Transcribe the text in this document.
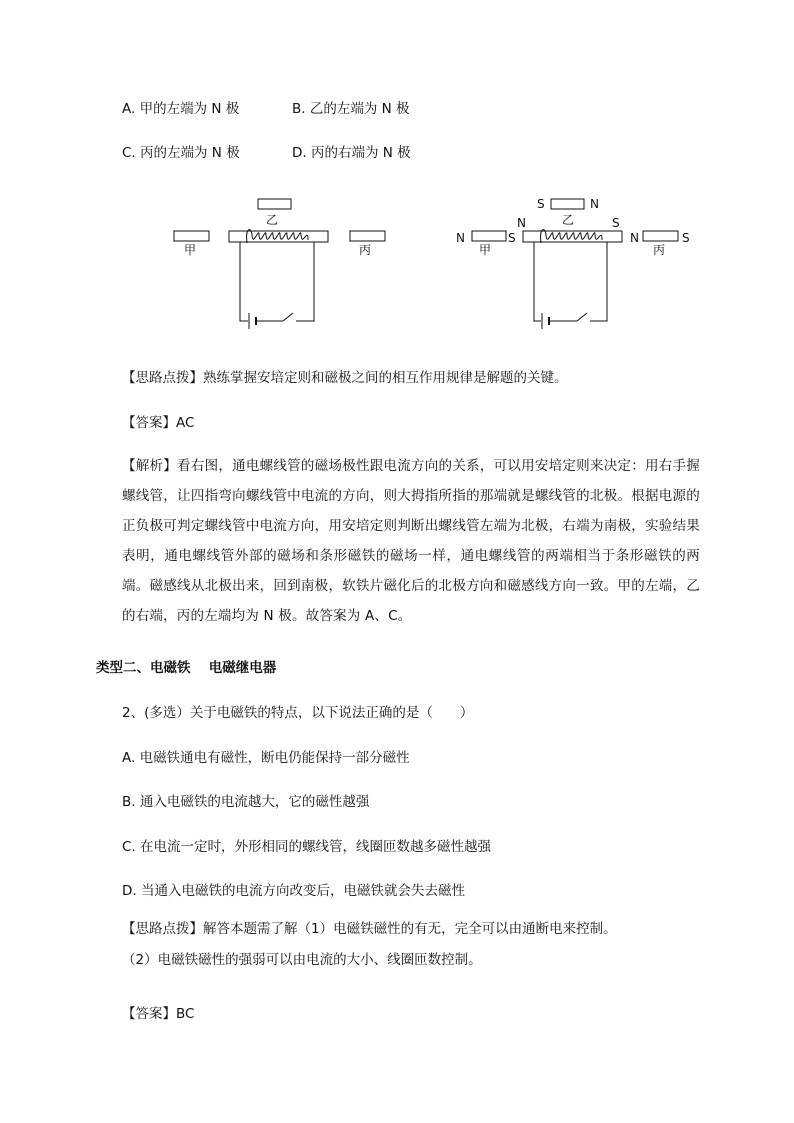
A. 甲的左端为 N 极	B. 乙的左端为 N 极
C. 丙的左端为 N 极	D. 丙的右端为 N 极
乙
甲	丙
乙
甲	丙
S	N
N	S
N	S	N	S
【思路点拨】熟练掌握安培定则和磁极之间的相互作用规律是解题的关键。
【答案】AC
【解析】看右图，通电螺线管的磁场极性跟电流方向的关系，可以用安培定则来决定：用右手握螺线管，让四指弯向螺线管中电流的方向，则大拇指所指的那端就是螺线管的北极。根据电源的正负极可判定螺线管中电流方向，用安培定则判断出螺线管左端为北极，右端为南极，实验结果表明，通电螺线管外部的磁场和条形磁铁的磁场一样，通电螺线管的两端相当于条形磁铁的两端。磁感线从北极出来，回到南极，软铁片磁化后的北极方向和磁感线方向一致。甲的左端，乙的右端，丙的左端均为 N 极。故答案为 A、C。
类型二、电磁铁　 电磁继电器
2、(多选）关于电磁铁的特点，以下说法正确的是（　　）
A. 电磁铁通电有磁性，断电仍能保持一部分磁性
B. 通入电磁铁的电流越大，它的磁性越强
C. 在电流一定时，外形相同的螺线管，线圈匝数越多磁性越强
D. 当通入电磁铁的电流方向改变后，电磁铁就会失去磁性
【思路点拨】解答本题需了解（1）电磁铁磁性的有无，完全可以由通断电来控制。
（2）电磁铁磁性的强弱可以由电流的大小、线圈匝数控制。
【答案】BC
